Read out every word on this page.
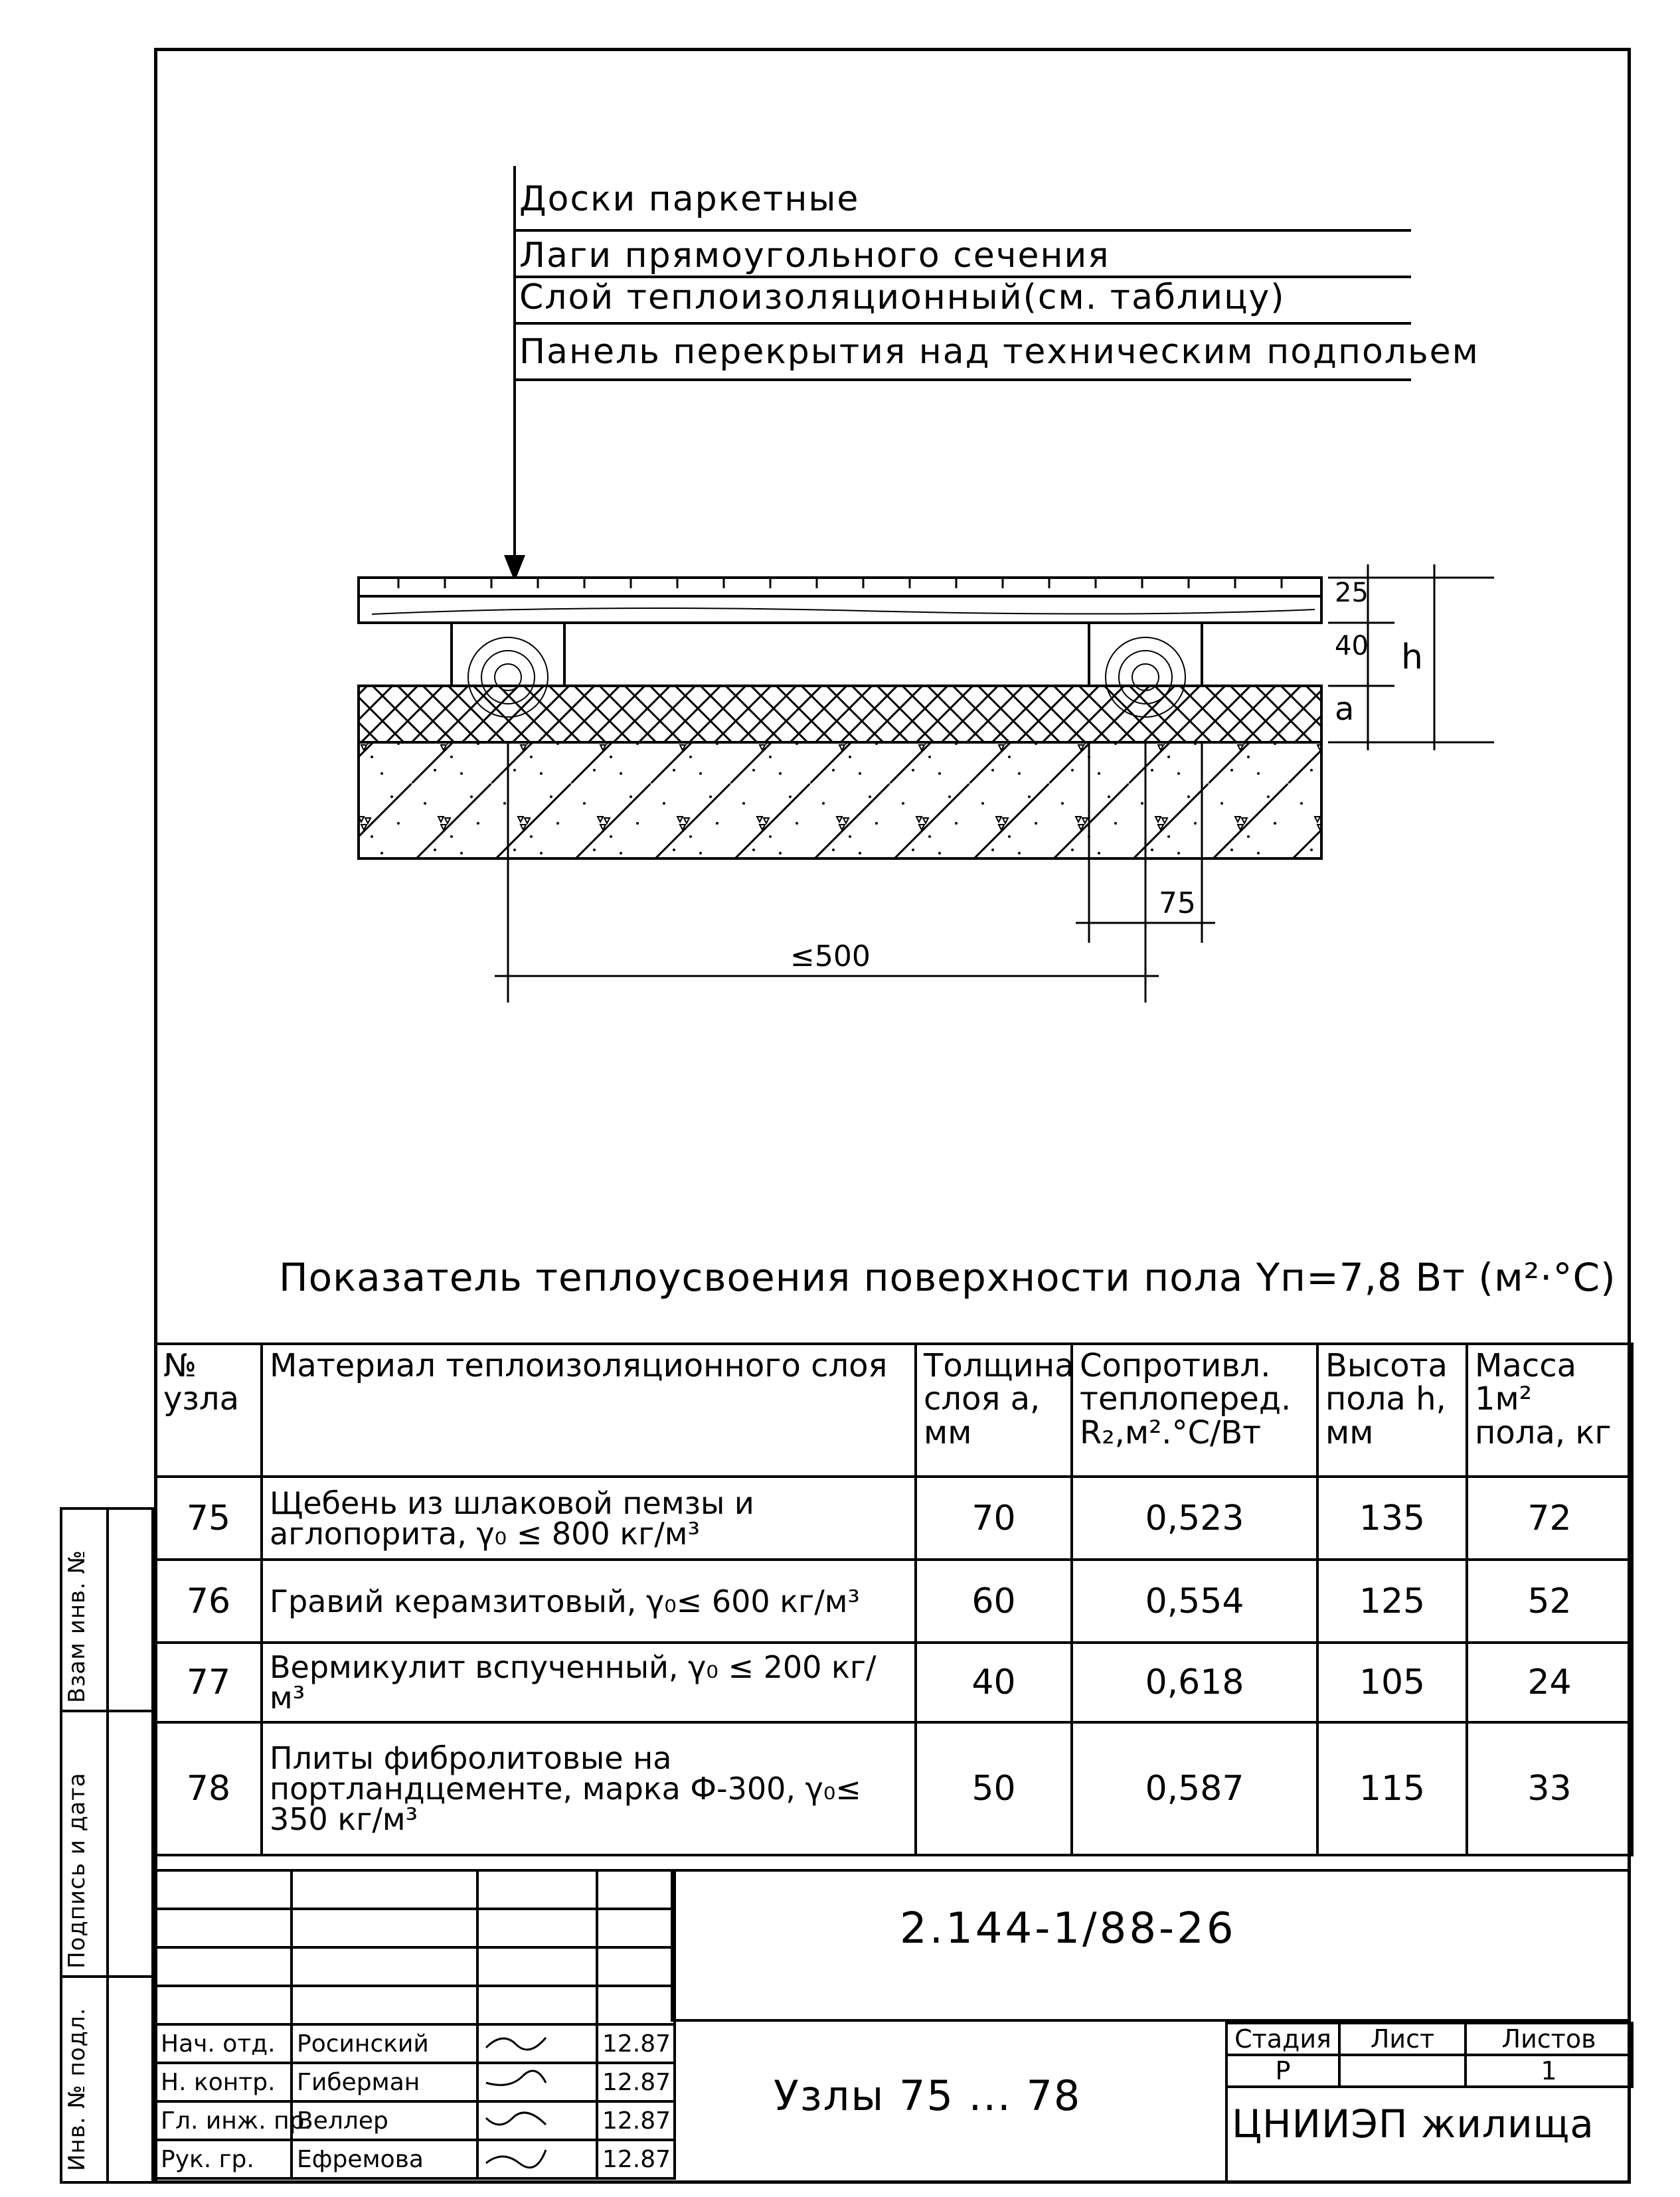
Доски паркетные
Лаги прямоугольного сечения
Слой теплоизоляционный(см. таблицу)
Панель перекрытия над техническим подпольем
25
40
a
h
75
≤500
Показатель теплоусвоения поверхности пола Yп=7,8 Вт (м²·°С)
№ узла	Материал теплоизоляционного слоя	Толщина слоя a, мм	Сопротивл. теплоперед. R₂,м².°С/Вт	Высота пола h, мм	Масса 1м² пола, кг
75	Щебень из шлаковой пемзы и аглопорита, γ₀ ≤ 800 кг/м³	70	0,523	135	72
76	Гравий керамзитовый, γ₀≤ 600 кг/м³	60	0,554	125	52
77	Вермикулит вспученный, γ₀ ≤ 200 кг/м³	40	0,618	105	24
78	Плиты фибролитовые на портландцементе, марка Ф-300, γ₀≤ 350 кг/м³	50	0,587	115	33
Взам инв. №
Подпись и дата
Инв. № подл.

				Нач. отд.	Росинский		12.87
Н. контр.	Гиберман		12.87
Гл. инж. пр.	Веллер		12.87
Рук. гр.	Ефремова		12.87
2.144-1/88-26
Узлы 75 ... 78
Стадия	Лист	Листов
Р		1
ЦНИИЭП жилища
